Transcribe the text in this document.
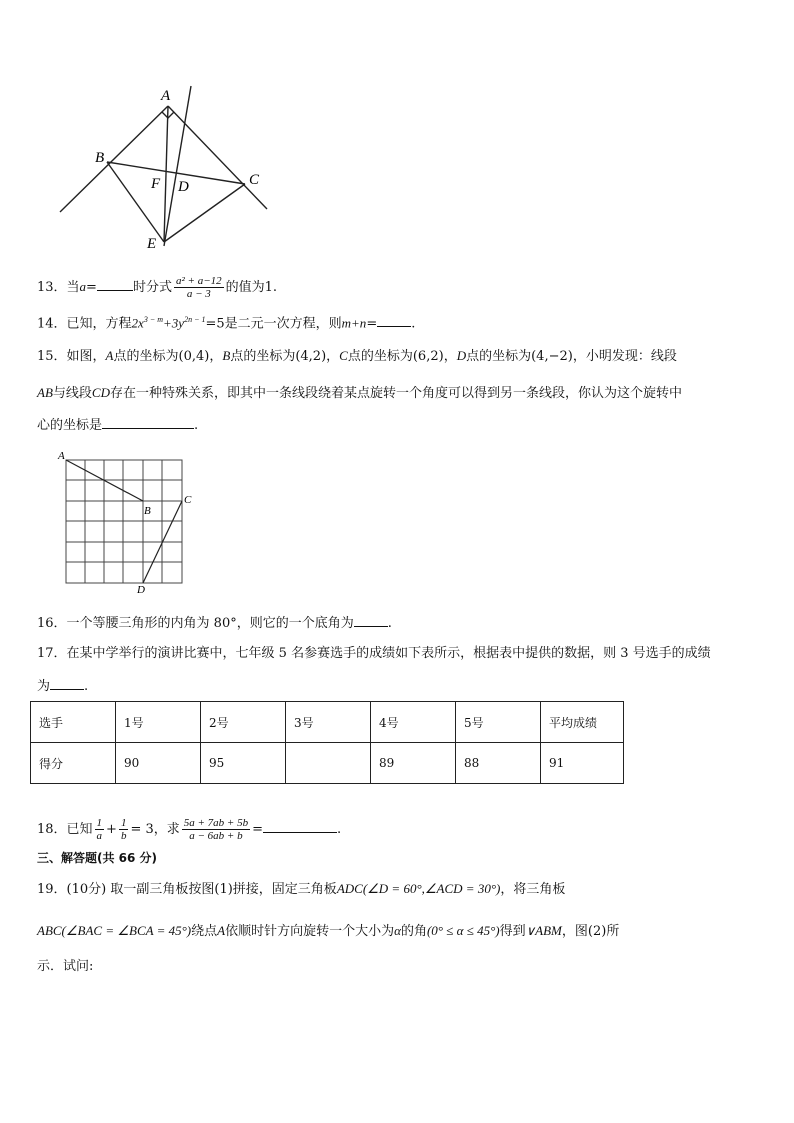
A
B
C
D
E
F
13．当a=	时分式 $\frac{\text{a² + a−12}}{a - 3}$ 的值为1.
14．已知，方程$2x^{3 - m}+3y^{2n - 1}=5$是二元一次方程，则m+n=	.
15．如图，A点的坐标为(0,4)，B点的坐标为(4,2)，C点的坐标为(6,2)，D点的坐标为(4,−2)，小明发现：线段
AB与线段CD存在一种特殊关系，即其中一条线段绕着某点旋转一个角度可以得到另一条线段，你认为这个旋转中
心的坐标是	.
A
B
C
D
16．一个等腰三角形的内角为 80°，则它的一个底角为	.
17．在某中学举行的演讲比赛中，七年级 5 名参赛选手的成绩如下表所示，根据表中提供的数据，则 3 号选手的成绩
为	.
选手	1号	2号	3号	4号	5号	平均成绩
得分	90	95		89	88	91
18．已知 $\frac{1}{a} + \frac{1}{b} = 3$，求 $\frac{5a + 7ab + 5b}{a - 6ab + b}$ =	.
三、解答题(共 66 分)
19．(10分) 取一副三角板按图(1)拼接，固定三角板ADC(∠D = 60°,∠ACD = 30°)，将三角板
ABC(∠BAC = ∠BCA = 45°)绕点A依顺时针方向旋转一个大小为α的角(0° ≤ α ≤ 45°)得到∨ABM，图(2)所
示．试问:
